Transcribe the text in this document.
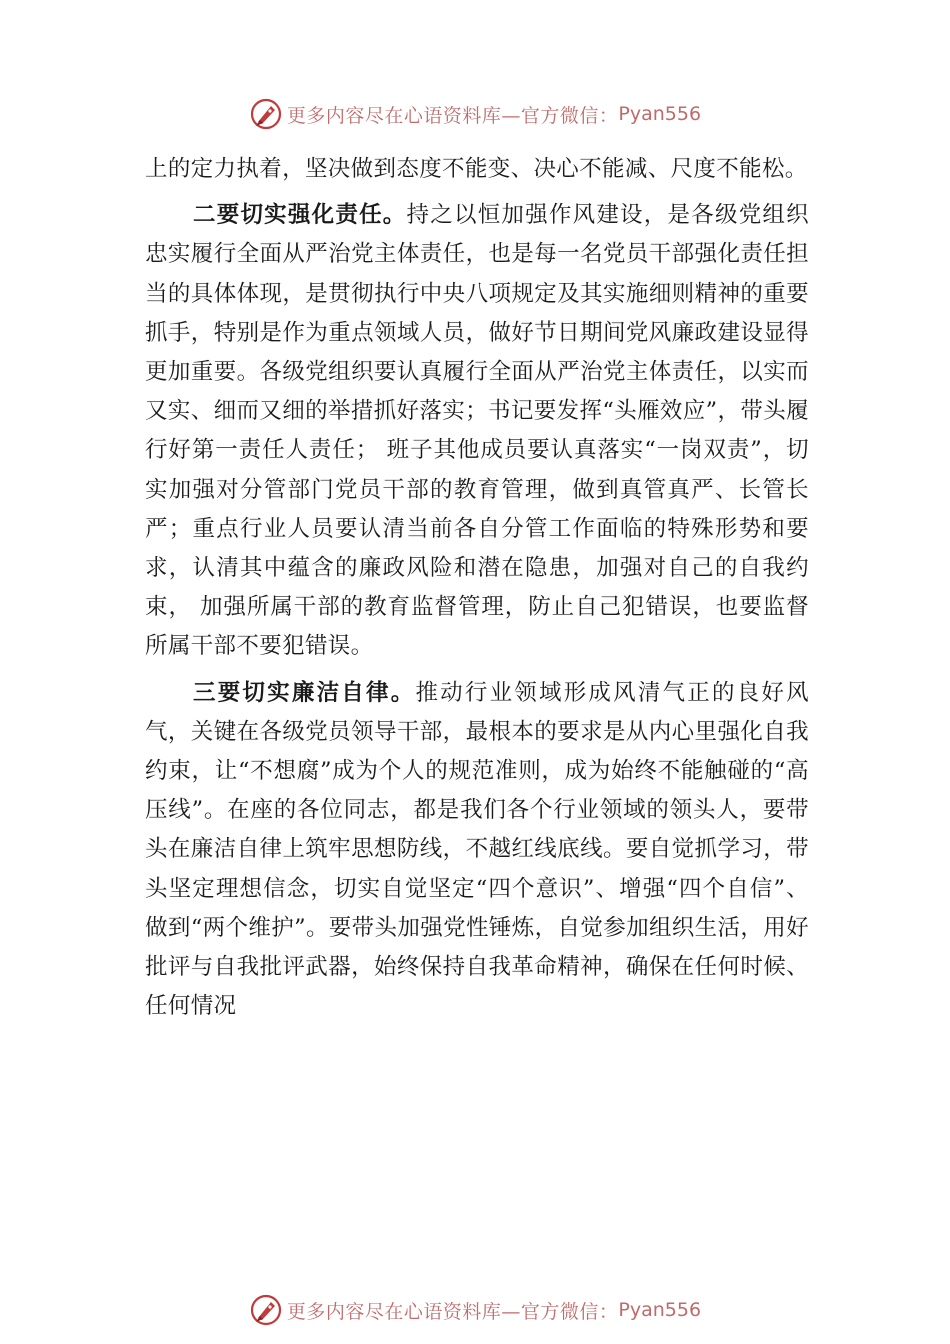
更多内容尽在心语资料库—官方微信： Pyan556

上的定力执着，坚决做到态度不能变、决心不能减、尺度不能松。

二要切实强化责任。持之以恒加强作风建设，是各级党组织忠实履行全面从严治党主体责任，也是每一名党员干部强化责任担当的具体体现，是贯彻执行中央八项规定及其实施细则精神的重要抓手，特别是作为重点领域人员，做好节日期间党风廉政建设显得更加重要。各级党组织要认真履行全面从严治党主体责任，以实而又实、细而又细的举措抓好落实；书记要发挥“头雁效应”，带头履行好第一责任人责任； 班子其他成员要认真落实“一岗双责”，切实加强对分管部门党员干部的教育管理，做到真管真严、长管长严；重点行业人员要认清当前各自分管工作面临的特殊形势和要求，认清其中蕴含的廉政风险和潜在隐患，加强对自己的自我约束， 加强所属干部的教育监督管理，防止自己犯错误，也要监督所属干部不要犯错误。

三要切实廉洁自律。推动行业领域形成风清气正的良好风气，关键在各级党员领导干部，最根本的要求是从内心里强化自我约束，让“不想腐”成为个人的规范准则，成为始终不能触碰的“高压线”。在座的各位同志，都是我们各个行业领域的领头人，要带头在廉洁自律上筑牢思想防线，不越红线底线。要自觉抓学习，带头坚定理想信念，切实自觉坚定“四个意识”、增强“四个自信”、做到“两个维护”。要带头加强党性锤炼，自觉参加组织生活，用好批评与自我批评武器，始终保持自我革命精神，确保在任何时候、任何情况

更多内容尽在心语资料库—官方微信： Pyan556
